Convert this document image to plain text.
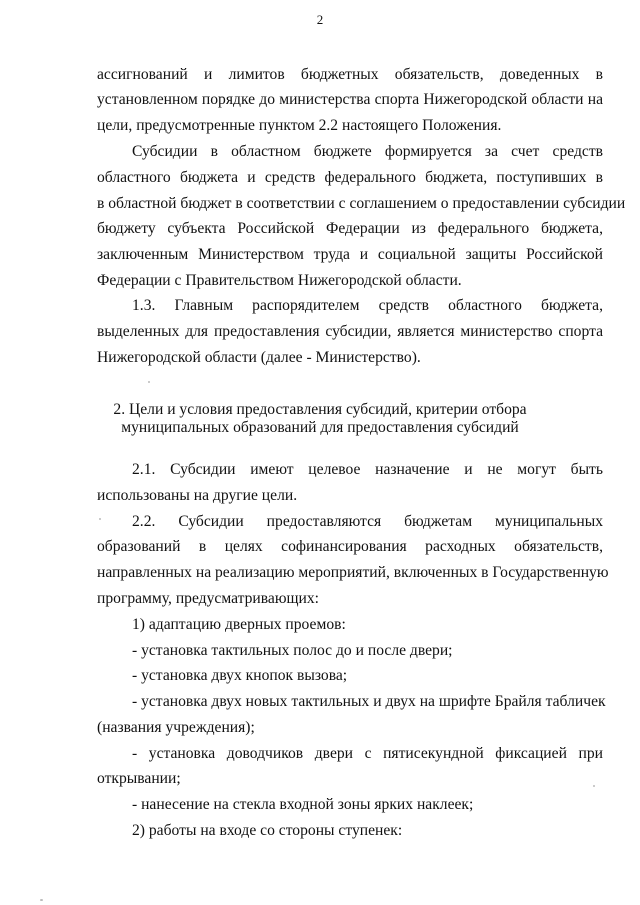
2
ассигнований и лимитов бюджетных обязательств, доведенных в
установленном порядке до министерства спорта Нижегородской области на
цели, предусмотренные пунктом 2.2 настоящего Положения.
Субсидии в областном бюджете формируется за счет средств
областного бюджета и средств федерального бюджета, поступивших в
в областной бюджет в соответствии с соглашением о предоставлении субсидии
бюджету субъекта Российской Федерации из федерального бюджета,
заключенным Министерством труда и социальной защиты Российской
Федерации с Правительством Нижегородской области.
1.3. Главным распорядителем средств областного бюджета,
выделенных для предоставления субсидии, является министерство спорта
Нижегородской области (далее - Министерство).
2. Цели и условия предоставления субсидий, критерии отбора
муниципальных образований для предоставления субсидий
2.1. Субсидии имеют целевое назначение и не могут быть
использованы на другие цели.
2.2. Субсидии предоставляются бюджетам муниципальных
образований в целях софинансирования расходных обязательств,
направленных на реализацию мероприятий, включенных в Государственную
программу, предусматривающих:
1) адаптацию дверных проемов:
- установка тактильных полос до и после двери;
- установка двух кнопок вызова;
- установка двух новых тактильных и двух на шрифте Брайля табличек
(названия учреждения);
- установка доводчиков двери с пятисекундной фиксацией при
открывании;
- нанесение на стекла входной зоны ярких наклеек;
2) работы на входе со стороны ступенек:
